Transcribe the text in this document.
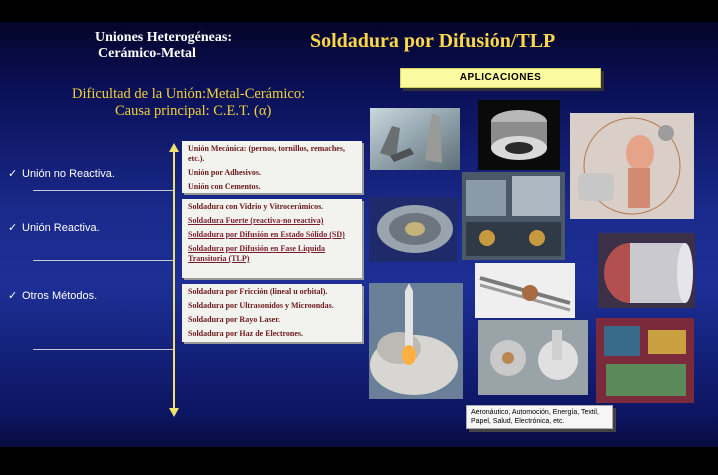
Uniones Heterogéneas:
Cerámico-Metal
Soldadura por Difusión/TLP
Dificultad de la Unión:Metal-Cerámico:
Causa principal: C.E.T. (α)
APLICACIONES
✓ Unión no Reactiva.
✓ Unión Reactiva.
✓ Otros Métodos.

Unión Mecánica: (pernos, tornillos, remaches, etc.).

Unión por Adhesivos.

Unión con Cementos.

Soldadura con Vidrio y Vitrocerámicos.

Soldadura Fuerte (reactiva-no reactiva)

Soldadura por Difusión en Estado Sólido (SD)

Soldadura por Difusión en Fase Liquida Transitoria (TLP)

Soldadura por Fricción (lineal u orbital).

Soldadura por Ultrasonidos y Microondas.

Soldadura por Rayo Laser.

Soldadura por Haz de Electrones.

Aeronáutico, Automoción, Energía, Textil, Papel, Salud, Electrónica, etc.
